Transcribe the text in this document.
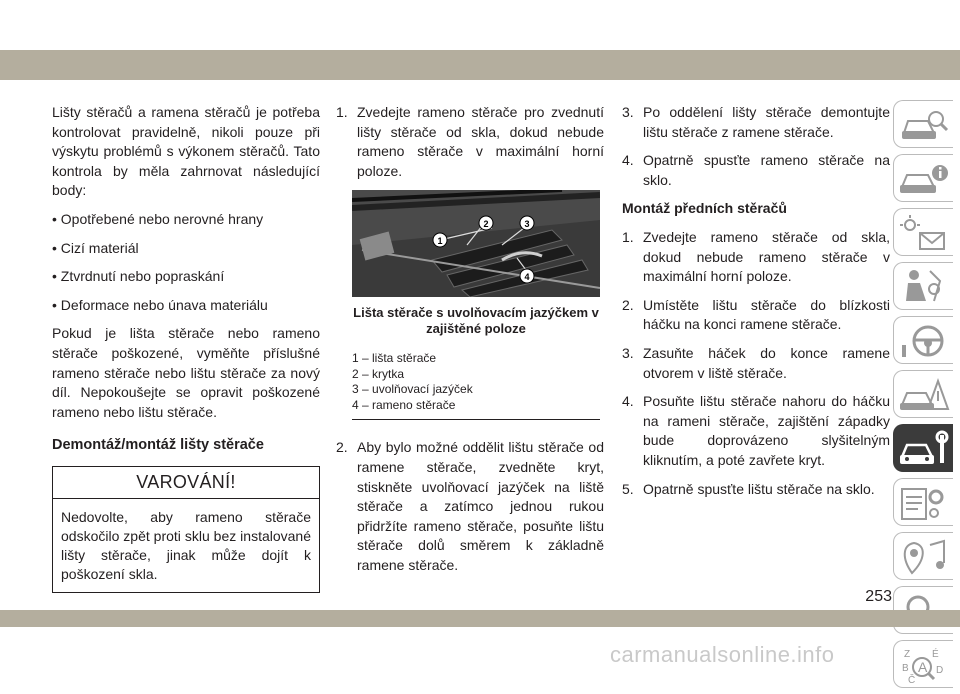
Lišty stěračů a ramena stěračů je potřeba kontrolovat pravidelně, nikoli pouze při výskytu problémů s výkonem stěračů. Tato kontrola by měla zahrnovat následující body:

• Opotřebené nebo nerovné hrany
• Cizí materiál
• Ztvrdnutí nebo popraskání
• Deformace nebo únava materiálu

Pokud je lišta stěrače nebo rameno stěrače poškozené, vyměňte příslušné rameno stěrače nebo lištu stěrače za nový díl. Nepokoušejte se opravit poškozené rameno nebo lištu stěrače.

Demontáž/montáž lišty stěrače
VAROVÁNÍ!
Nedovolte, aby rameno stěrače odskočilo zpět proti sklu bez instalované lišty stěrače, jinak může dojít k poškození skla.
1. Zvedejte rameno stěrače pro zvednutí lišty stěrače od skla, dokud nebude rameno stěrače v maximální horní poloze.
1
2	3
4
Lišta stěrače s uvolňovacím jazýčkem v zajištěné poloze
1 – lišta stěrače
2 – krytka
3 – uvolňovací jazýček
4 – rameno stěrače
2. Aby bylo možné oddělit lištu stěrače od ramene stěrače, zvedněte kryt, stiskněte uvolňovací jazýček na liště stěrače a zatímco jednou rukou přidržíte rameno stěrače, posuňte lištu stěrače dolů směrem k základně ramene stěrače.
3. Po oddělení lišty stěrače demontujte lištu stěrače z ramene stěrače.
4. Opatrně spusťte rameno stěrače na sklo.
Montáž předních stěračů
1. Zvedejte rameno stěrače od skla, dokud nebude rameno stěrače v maximální horní poloze.
2. Umístěte lištu stěrače do blízkosti háčku na konci ramene stěrače.
3. Zasuňte háček do konce ramene otvorem v liště stěrače.
4. Posuňte lištu stěrače nahoru do háčku na rameni stěrače, zajištění západky bude doprovázeno slyšitelným kliknutím, a poté zavřete kryt.
5. Opatrně spusťte lištu stěrače na sklo.
Z É
B	D
Č
A
253
carmanualsonline.info
